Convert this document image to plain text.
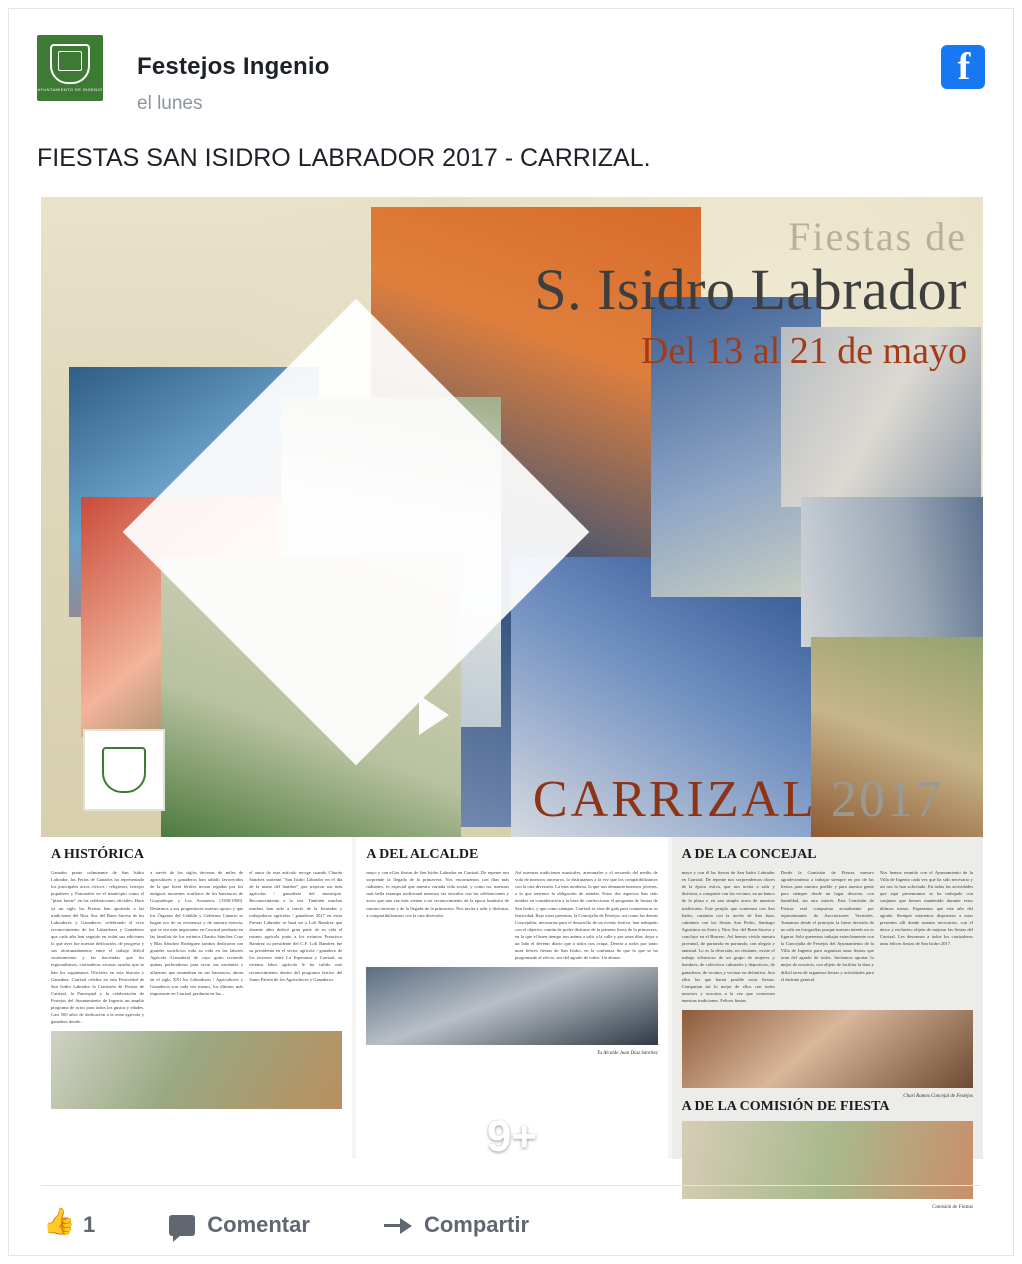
AYUNTAMIENTO DE INGENIO
Festejos Ingenio
el lunes
f
FIESTAS SAN ISIDRO LABRADOR 2017 - CARRIZAL.
Fiestas de
S. Isidro Labrador
Del 13 al 21 de mayo
CARRIZAL 2017
A HISTÓRICA
Ganados punto culminante de San Isidro Labrador. las Ferias de Ganados ha representado los principales actos cívicos / religiosos, festejos populares y Patronales en el municipio como el "plato fuerte" en las celebraciones oficiales. Hace ya un siglo las Fiestas han aportado a las tradiciones del Ntra. Sra. del Buen Suceso de los Labradores y Ganaderos, celebrando el vivo reconocimiento de los Labradores y Ganaderos que cada año han seguido en todas sus ediciones lo que ayer fue nuestra dedicación, de progreso y sus afortunadamente entre el trabajo difícil sostenimiento y las haciendas que los regionalismos, carrizaleros escasas ayudas que se han los organismos Oficiales en esta historia y Ganadera. Carrizal celebra en esta Festividad de San Isidro Labrador la Comisión de Fiestas de Carrizal, la Parroquial y la colaboración de Festejos del Ayuntamiento de Ingenio un amplio programa de actos para todos los gustos y edades. Casi 500 años de dedicación a la zona agrícola y ganadera donde...
a través de los siglos decenas de miles de agricultores y ganaderos han sabido favorecidos de la que fuera fértiles tierras regadas por los antiguos nacientes acuíferos de los barrancos de Guayadeque y Los Aromeros (1500/1900). Desarmos a sus progenitores nuestro apoyo y que los Órganos del Cabildo y Gobierno Canario se hagan eco de su existencia y de nuestra esencia, que se sea más importante en Carrizal perduran en las familias de los extintos Charito Sánchez Cruz y Blas Sánchez Rodríguez (ambos dedicaron con grandes sacrificios toda su vida en las labores Agrícola /Ganadera) de cuyo grato recuerdo quinas perforadoras para secar sus nacientes y afluentes que enumaban en sus barrancos, ahora en el siglo XXI los Labradores / Agricultores y Ganaderos son cada vez menos, los últimos más importante en Carrizal perduran en las...
el autor de este artículo recoge cuando Charito Sánchez sustentó "San Isidro Labrador en el día de la mano del hombre" que trajeron sus más agrícolas / ganaderas del municipio. Reconocimiento a la vez. También muchas muchas han sido a través de la fecundas y trabajadoras agrícolas / ganaderas 2017 en estas Fiestas Labrador se hará un a Loli Ramírez que durante años dedicó gran parte de su vida al mismo agrícola junto a los extintos Francisco Ramírez su presidente del C.F. Loli Ramírez fue su presidenta en el sector agrícola / ganadero de los terrenos entre La Esperanza y Carrizal, su extensa labor agrícola le ha valido este reconocimiento dentro del programa festivo del Santo Patrón de los Agricultores y Ganaderos.
A DEL ALCALDE
mayo y con el las fiestas de San Isidro Labrador en Carrizal. De repente nos sorprende la llegada de la primavera. Nos encontramos con días más radiantes, es especial que nuestra variada vida social, y como no, nuestras más bella estampa tradicional nuestros ser vínculos con las celebraciones y actos que una vez más vienen a ser reconocimiento de la época lumínico de nuestro entorno y de la llegada de la primavera. Nos invita a salir y disfrutar, a compartibilizarnos con la otra diversión.
Así nuestras tradiciones musicales, artesanales y el recuerdo del medio de vida de nuestros ancestros, lo disfrutamos a la vez que los compatibilizamos con la otra diversión. La más moderna, la que nos demanda nuestros jóvenes, a la que tenemos la obligación de atender. Estos dos aspectos han sido tenidos en consideración a la hora de confeccionar el programa de fiestas de San Isidro, y que como siempre, Carrizal se vine de gala para conmemorar su festividad. Bajo estas premisas, la Concejalía de Festejos, así como las demás Concejalías, necesarias para el desarrollo de un evento festivo, han trabajado con el objetivo común de poder disfrutar de la primera fiesta de la primavera, en la que el buen tiempo nos anima a salir a la calle y por unos días, dejar a un lado el devenir diario que a todos nos ocupa. Desear a todos por tanto unas felices fiestas de San Isidro, en la confianza de que lo que se ha programado al efecto, sea del agrado de todos. Un abrazo
Tu Alcalde Juan Díaz Sánchez
A DE LA CONCEJAL
mayo y con él las fiestas de San Isidro Labrador en Carrizal. De repente nos sorprendemos olores de la época estiva, que nos invita a salir y disfrutar, a compartir con los vecinos, en un banco de la plaza o en una simple acera de nuestras tradiciones. Este periplo que comienza con San Isidro, continúa con la noche de San Juan, culminen con las fiestas San Pedro, Santiago Agustinos en Sorte y Ntra. Sra. del Buen Suceso y concluye en el Burrero. Así hemos vivido nuestra juventud, de parranda en parranda, con alegría y amistad. Lo es la diversión, no obstante, existe el trabajo silencioso de un grupo de mujeres y hombres, de colectivos culturales y deportivos, de ganaderos, de vecinos y vecinas en definitiva. Son ellos los que hacen posible estas fiestas. Compartan así lo mejor de ellos con todos nosotros y nosotras a la vez que conservan nuestras tradiciones. Felices fiestas
Desde la Comisión de Fiestas nuestro agradecimiento a trabajar siempre en pro de las fiestas para nuestro pueblo y para nuestra gente pero siempre desde un lugar discreto, con humildad, sin otro interés. Esta Comisión de Fiestas está compuesta actualmente por representantes de Asociaciones Vecinales. Tomamos desde el principio la firme decisión de no salir en fotografías porque nuestro interés no es figurar. Solo queremos trabajar estrechamente con la Concejalía de Festejos del Ayuntamiento de la Villa de Ingenio para organizar unas fiestas que sean del agrado de todos. Invitamos aportar lo mejor de nosotros, con objeto de facilitar la dura y difícil tarea de organizar fiestas y actividades para el disfrute general.
Nos hemos reunido con el Ayuntamiento de la Villa de Ingenio cada vez que ha sido necesario y así nos lo han solicitado. En todas las actividades que aquí presentamos se ha trabajado con conjunto que hemos mantenido durante estos últimos meses. Esperamos que este año del agrado. Siempre estaremos dispuestos a estar presentes allí donde seamos necesarios, con el único y exclusivo objeto de mejorar las fiestas del Carrizal. Les deseamos a todos los carrizaleros unas felices fiestas de San Isidro 2017.
Chari Ramos Concejal de Festejos
A DE LA COMISIÓN DE FIESTA
Comisión de Fiestas
9+
👍
1	Comentar	Compartir
